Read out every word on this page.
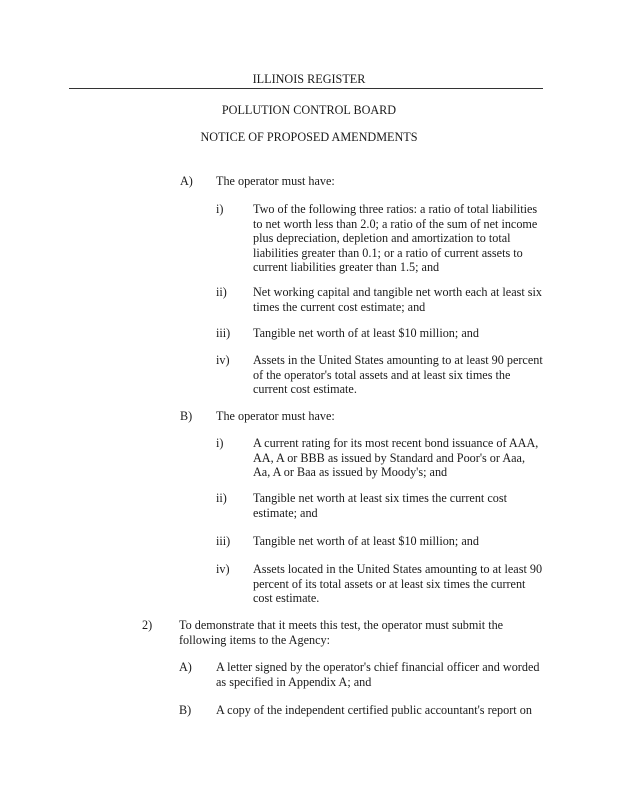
ILLINOIS REGISTER
POLLUTION CONTROL BOARD
NOTICE OF PROPOSED AMENDMENTS
A) The operator must have:
i) Two of the following three ratios: a ratio of total liabilities to net worth less than 2.0; a ratio of the sum of net income plus depreciation, depletion and amortization to total liabilities greater than 0.1; or a ratio of current assets to current liabilities greater than 1.5; and
ii) Net working capital and tangible net worth each at least six times the current cost estimate; and
iii) Tangible net worth of at least $10 million; and
iv) Assets in the United States amounting to at least 90 percent of the operator's total assets and at least six times the current cost estimate.
B) The operator must have:
i) A current rating for its most recent bond issuance of AAA, AA, A or BBB as issued by Standard and Poor's or Aaa, Aa, A or Baa as issued by Moody's; and
ii) Tangible net worth at least six times the current cost estimate; and
iii) Tangible net worth of at least $10 million; and
iv) Assets located in the United States amounting to at least 90 percent of its total assets or at least six times the current cost estimate.
2) To demonstrate that it meets this test, the operator must submit the following items to the Agency:
A) A letter signed by the operator's chief financial officer and worded as specified in Appendix A; and
B) A copy of the independent certified public accountant's report on
